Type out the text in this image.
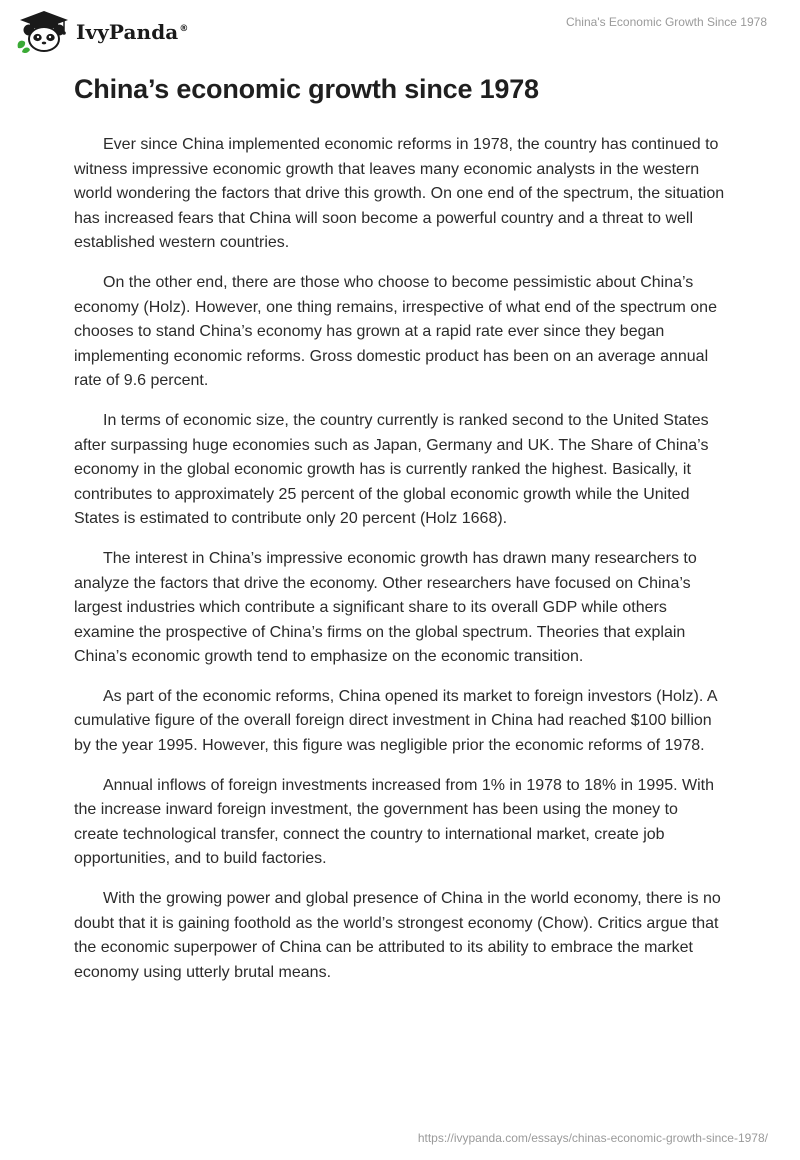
IvyPanda®
China's Economic Growth Since 1978
China’s economic growth since 1978

Ever since China implemented economic reforms in 1978, the country has continued to witness impressive economic growth that leaves many economic analysts in the western world wondering the factors that drive this growth. On one end of the spectrum, the situation has increased fears that China will soon become a powerful country and a threat to well established western countries.

On the other end, there are those who choose to become pessimistic about China’s economy (Holz). However, one thing remains, irrespective of what end of the spectrum one chooses to stand China’s economy has grown at a rapid rate ever since they began implementing economic reforms. Gross domestic product has been on an average annual rate of 9.6 percent.

In terms of economic size, the country currently is ranked second to the United States after surpassing huge economies such as Japan, Germany and UK. The Share of China’s economy in the global economic growth has is currently ranked the highest. Basically, it contributes to approximately 25 percent of the global economic growth while the United States is estimated to contribute only 20 percent (Holz 1668).

The interest in China’s impressive economic growth has drawn many researchers to analyze the factors that drive the economy. Other researchers have focused on China’s largest industries which contribute a significant share to its overall GDP while others examine the prospective of China’s firms on the global spectrum. Theories that explain China’s economic growth tend to emphasize on the economic transition.

As part of the economic reforms, China opened its market to foreign investors (Holz). A cumulative figure of the overall foreign direct investment in China had reached $100 billion by the year 1995. However, this figure was negligible prior the economic reforms of 1978.

Annual inflows of foreign investments increased from 1% in 1978 to 18% in 1995. With the increase inward foreign investment, the government has been using the money to create technological transfer, connect the country to international market, create job opportunities, and to build factories.

With the growing power and global presence of China in the world economy, there is no doubt that it is gaining foothold as the world’s strongest economy (Chow). Critics argue that the economic superpower of China can be attributed to its ability to embrace the market economy using utterly brutal means.

https://ivypanda.com/essays/chinas-economic-growth-since-1978/
